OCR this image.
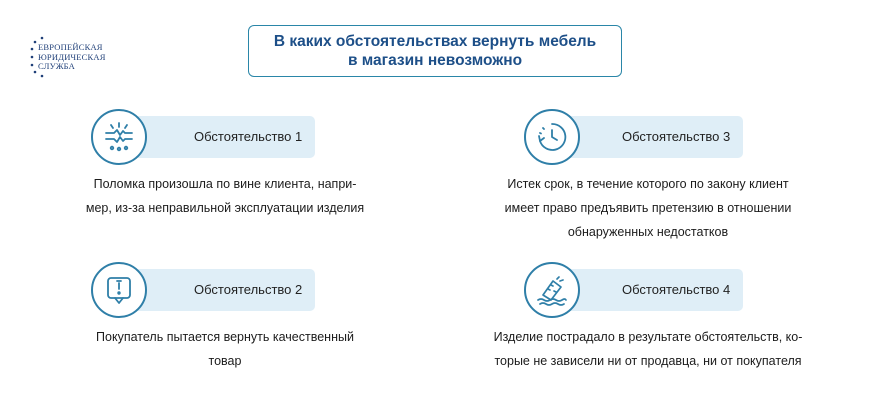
ЕВРОПЕЙСКАЯ
ЮРИДИЧЕСКАЯ
СЛУЖБА
В каких обстоятельствах вернуть мебель
в магазин невозможно
Обстоятельство 1
Поломка произошла по вине клиента, напри-
мер, из-за неправильной эксплуатации изделия
Обстоятельство 2
Покупатель пытается вернуть качественный
товар
Обстоятельство 3
Истек срок, в течение которого по закону клиент
имеет право предъявить претензию в отношении
обнаруженных недостатков
Обстоятельство 4
Изделие пострадало в результате обстоятельств, ко-
торые не зависели ни от продавца, ни от покупателя
